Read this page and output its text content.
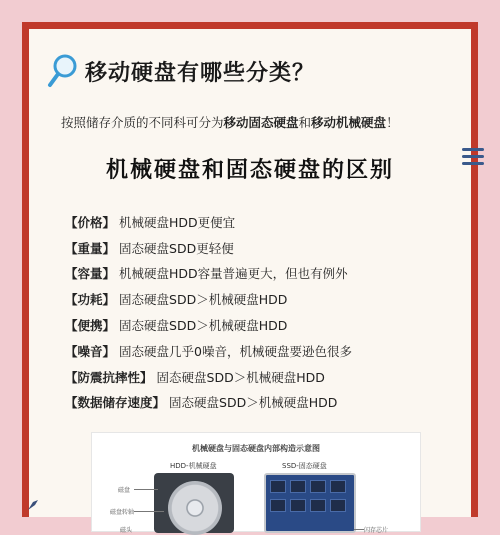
移动硬盘有哪些分类？
按照储存介质的不同科可分为移动固态硬盘和移动机械硬盘！
机械硬盘和固态硬盘的区别
【价格】 机械硬盘HDD更便宜
【重量】 固态硬盘SDD更轻便
【容量】 机械硬盘HDD容量普遍更大，但也有例外
【功耗】 固态硬盘SDD＞机械硬盘HDD
【便携】 固态硬盘SDD＞机械硬盘HDD
【噪音】 固态硬盘几乎0噪音，机械硬盘要逊色很多
【防震抗摔性】 固态硬盘SDD＞机械硬盘HDD
【数据储存速度】 固态硬盘SDD＞机械硬盘HDD
机械硬盘与固态硬盘内部构造示意图
HDD-机械硬盘	SSD-固态硬盘
磁盘
磁盘转轴
磁头	闪存芯片
